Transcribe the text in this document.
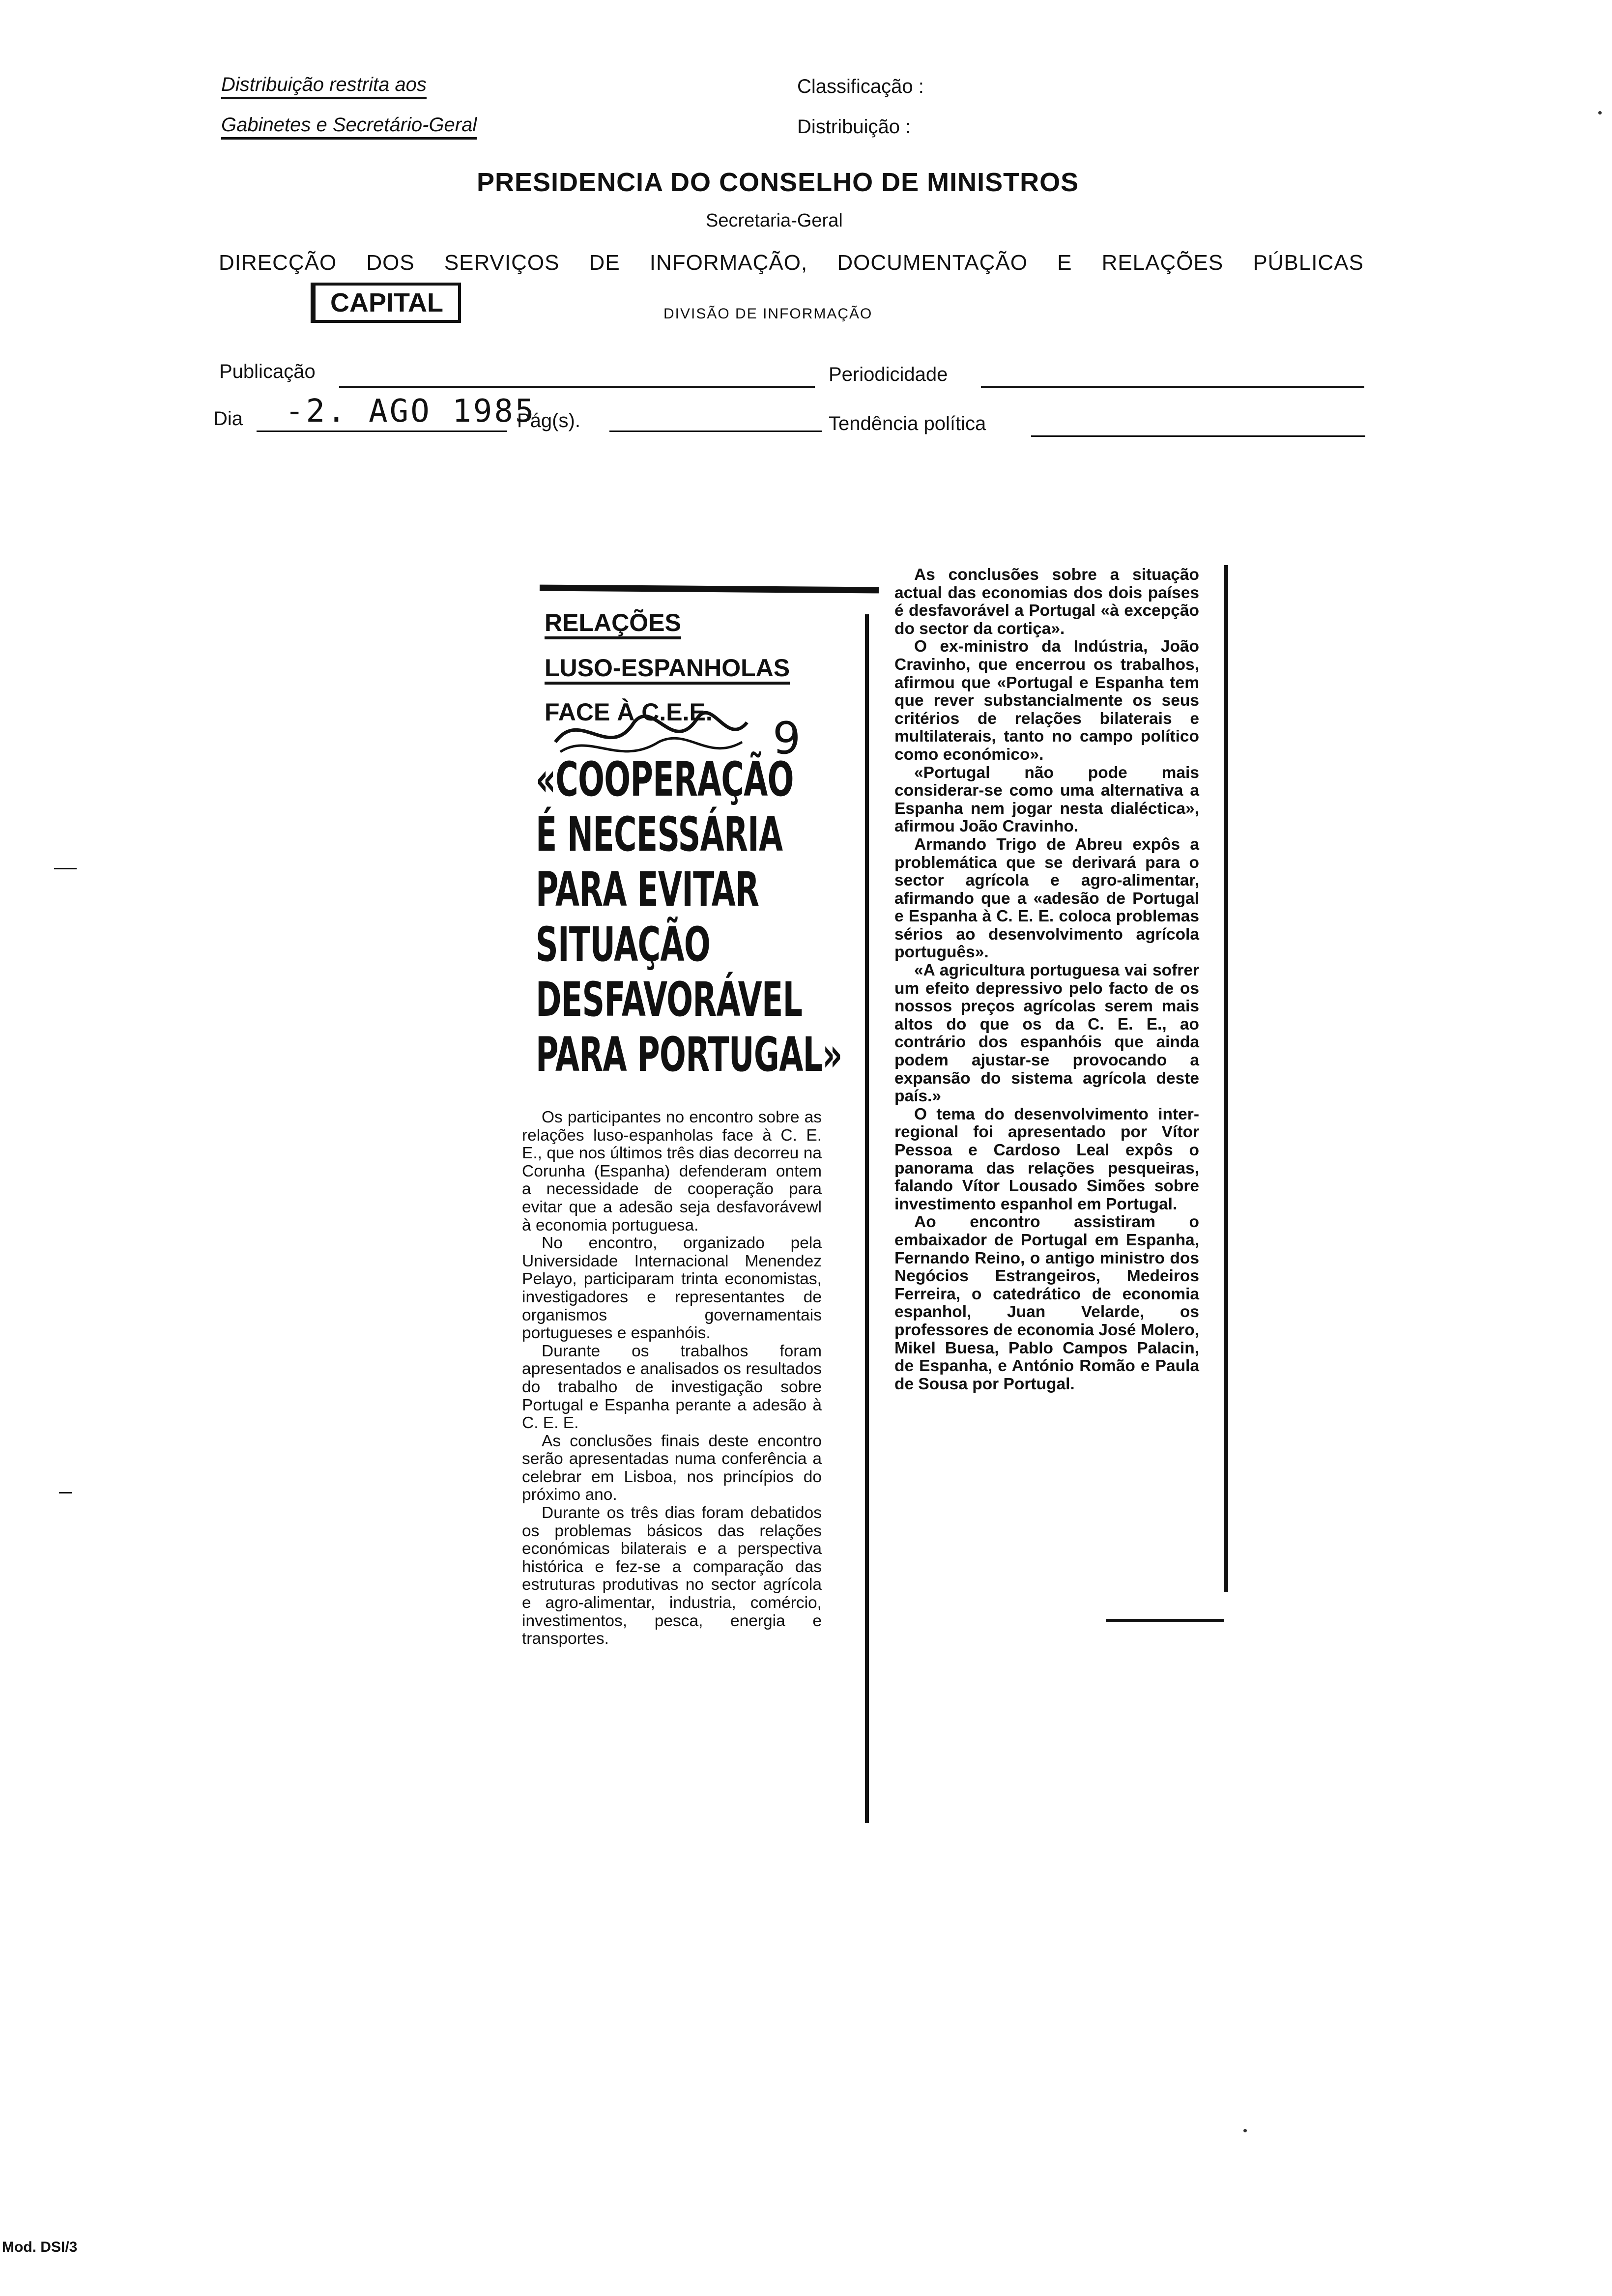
Distribuição restrita aos
Gabinetes e Secretário-Geral
Classificação :
Distribuição :
PRESIDENCIA DO CONSELHO DE MINISTROS
Secretaria-Geral
DIRECÇÃO DOS SERVIÇOS DE INFORMAÇÃO, DOCUMENTAÇÃO E RELAÇÕES PÚBLICAS
CAPITAL	DIVISÃO DE INFORMAÇÃO
Publicação	Periodicidade
Dia -2. AGO 1985
Pág(s).	Tendência política
RELAÇÕES
LUSO-ESPANHOLAS
FACE À C.E.E.
9
«COOPERAÇÃO
É NECESSÁRIA
PARA EVITAR
SITUAÇÃO
DESFAVORÁVEL
PARA PORTUGAL»

Os participantes no encontro sobre as relações luso-espanholas face à C. E. E., que nos últimos três dias decorreu na Corunha (Espanha) defenderam ontem a necessidade de cooperação para evitar que a adesão seja desfavorávewl à economia portuguesa.

No encontro, organizado pela Universidade Internacional Menendez Pelayo, participaram trinta economistas, investigadores e representantes de organismos governamentais portugueses e espanhóis.

Durante os trabalhos foram apresentados e analisados os resultados do trabalho de investigação sobre Portugal e Espanha perante a adesão à C. E. E.

As conclusões finais deste encontro serão apresentadas numa conferência a celebrar em Lisboa, nos princípios do próximo ano.

Durante os três dias foram debatidos os problemas básicos das relações económicas bilaterais e a perspectiva histórica e fez-se a comparação das estruturas produtivas no sector agrícola e agro-alimentar, industria, comércio, investimentos, pesca, energia e transportes.

As conclusões sobre a situação actual das economias dos dois países é desfavorável a Portugal «à excepção do sector da cortiça».

O ex-ministro da Indústria, João Cravinho, que encerrou os trabalhos, afirmou que «Portugal e Espanha tem que rever substancialmente os seus critérios de relações bilaterais e multilaterais, tanto no campo político como económico».

«Portugal não pode mais considerar-se como uma alternativa a Espanha nem jogar nesta dialéctica», afirmou João Cravinho.

Armando Trigo de Abreu expôs a problemática que se derivará para o sector agrícola e agro-alimentar, afirmando que a «adesão de Portugal e Espanha à C. E. E. coloca problemas sérios ao desenvolvimento agrícola português».

«A agricultura portuguesa vai sofrer um efeito depressivo pelo facto de os nossos preços agrícolas serem mais altos do que os da C. E. E., ao contrário dos espanhóis que ainda podem ajustar-se provocando a expansão do sistema agrícola deste país.»

O tema do desenvolvimento inter-regional foi apresentado por Vítor Pessoa e Cardoso Leal expôs o panorama das relações pesqueiras, falando Vítor Lousado Simões sobre investimento espanhol em Portugal.

Ao encontro assistiram o embaixador de Portugal em Espanha, Fernando Reino, o antigo ministro dos Negócios Estrangeiros, Medeiros Ferreira, o catedrático de economia espanhol, Juan Velarde, os professores de economia José Molero, Mikel Buesa, Pablo Campos Palacin, de Espanha, e António Romão e Paula de Sousa por Portugal.

Mod. DSI/3
